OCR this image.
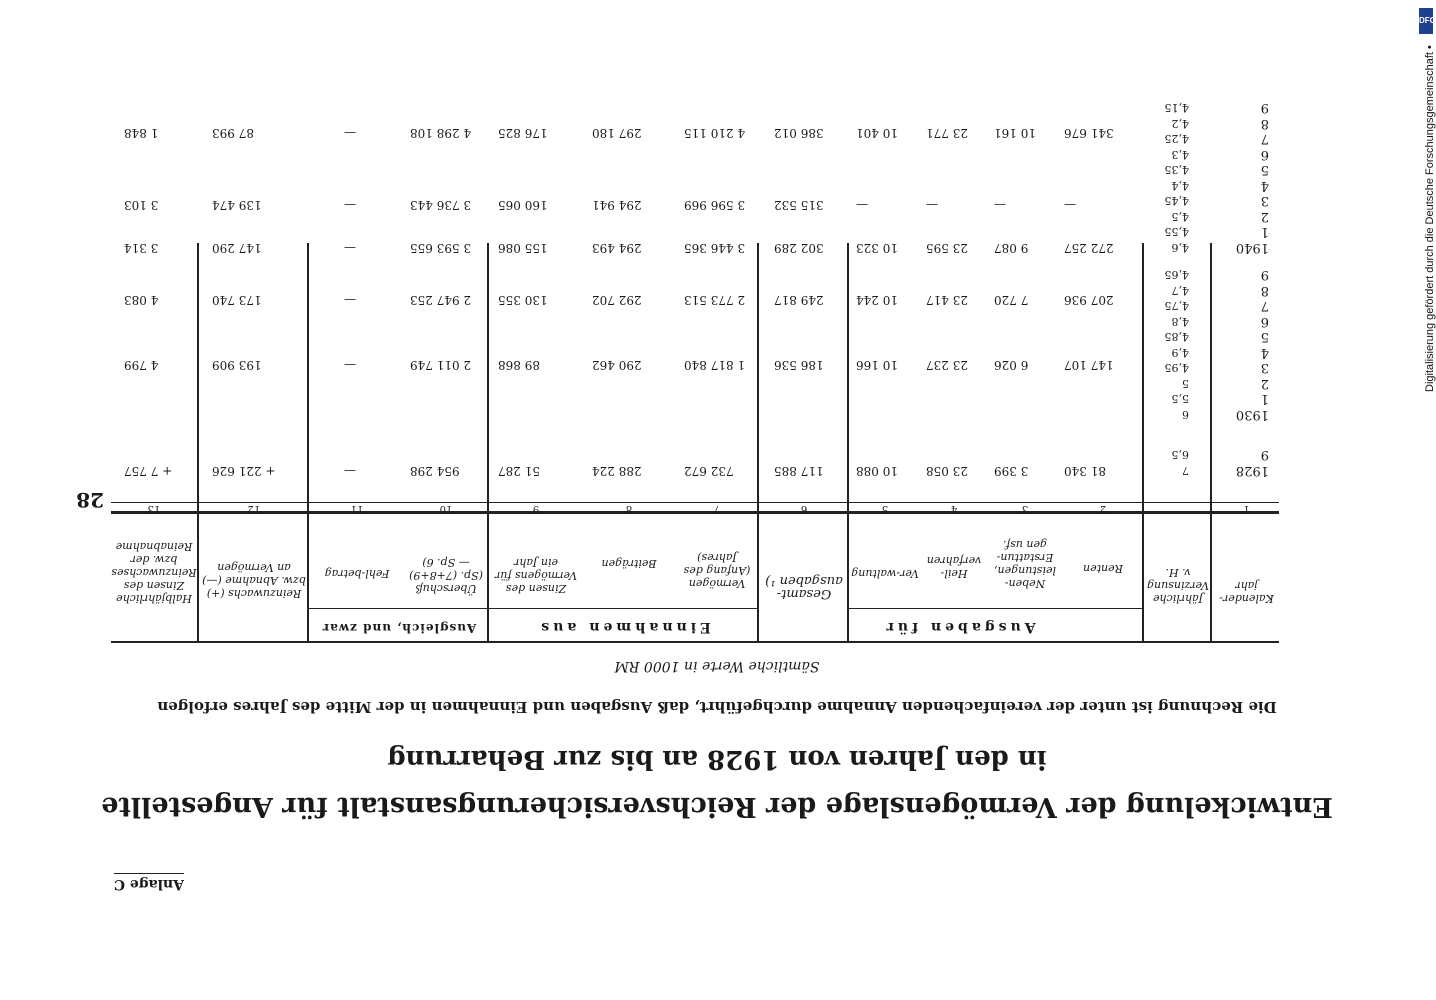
Anlage C
Entwickelung der Vermögenslage der Reichsversicherungsanstalt für Angestellte
in den Jahren von 1928 an bis zur Beharrung
Die Rechnung ist unter der vereinfachenden Annahme durchgeführt, daß Ausgaben und Einnahmen in der Mitte des Jahres erfolgen
Sämtliche Werte in 1000 RM
28
Ausgaben für
Einnahmen aus
Ausgleich, und zwar
Kalender-jahr
Jährliche Verzinsung v. H.
Renten
Neben-leistungen, Erstattun-gen usf.
Heil-verfahren
Ver-waltung
Gesamt-ausgaben ¹)
Vermögen (Anfang des Jahres)
Beiträgen
Zinsen des Vermögens für ein Jahr
Überschuß (Sp. (7+8+9) — Sp. 6)
Fehl-betrag
Reinzuwachs (+) bzw. Abnahme (—) an Vermögen
Halbjährliche Zinsen des Reinzuwachses bzw. der Reinabnahme
1
2
3
4
5
6
7
8
9
10
11
12
13
1928
9
7
6,5
81 340
3 399
23 058
10 088
117 885
732 672
288 224
51 287
954 298
—
+ 221 626
+ 7 757
1930
1
2
3
4
5
6
7
8
9
6
5,5
5
4,95
4,9
4,85
4,8
4,75
4,7
4,65
147 107
6 026
23 237
10 166
186 536
1 817 840
290 462
89 868
2 011 749
—
193 909
4 799
207 936
7 720
23 417
10 244
249 817
2 773 513
292 702
130 355
2 947 253
—
173 740
4 083
1940
1
2
3
4
5
6
7
8
9
4,6
4,55
4,5
4,45
4,4
4,35
4,3
4,25
4,2
4,15
272 257
9 087
23 595
10 323
302 289
3 446 365
294 493
155 086
3 593 655
—
147 290
3 314
—
—
—
—
315 532
3 596 969
294 941
160 065
3 736 443
—
139 474
3 103
341 676
10 161
23 771
10 401
386 012
4 210 115
297 180
176 825
4 298 108
—
87 993
1 848
DFG
Digitalisierung gefördert durch die Deutsche Forschungsgemeinschaft •
